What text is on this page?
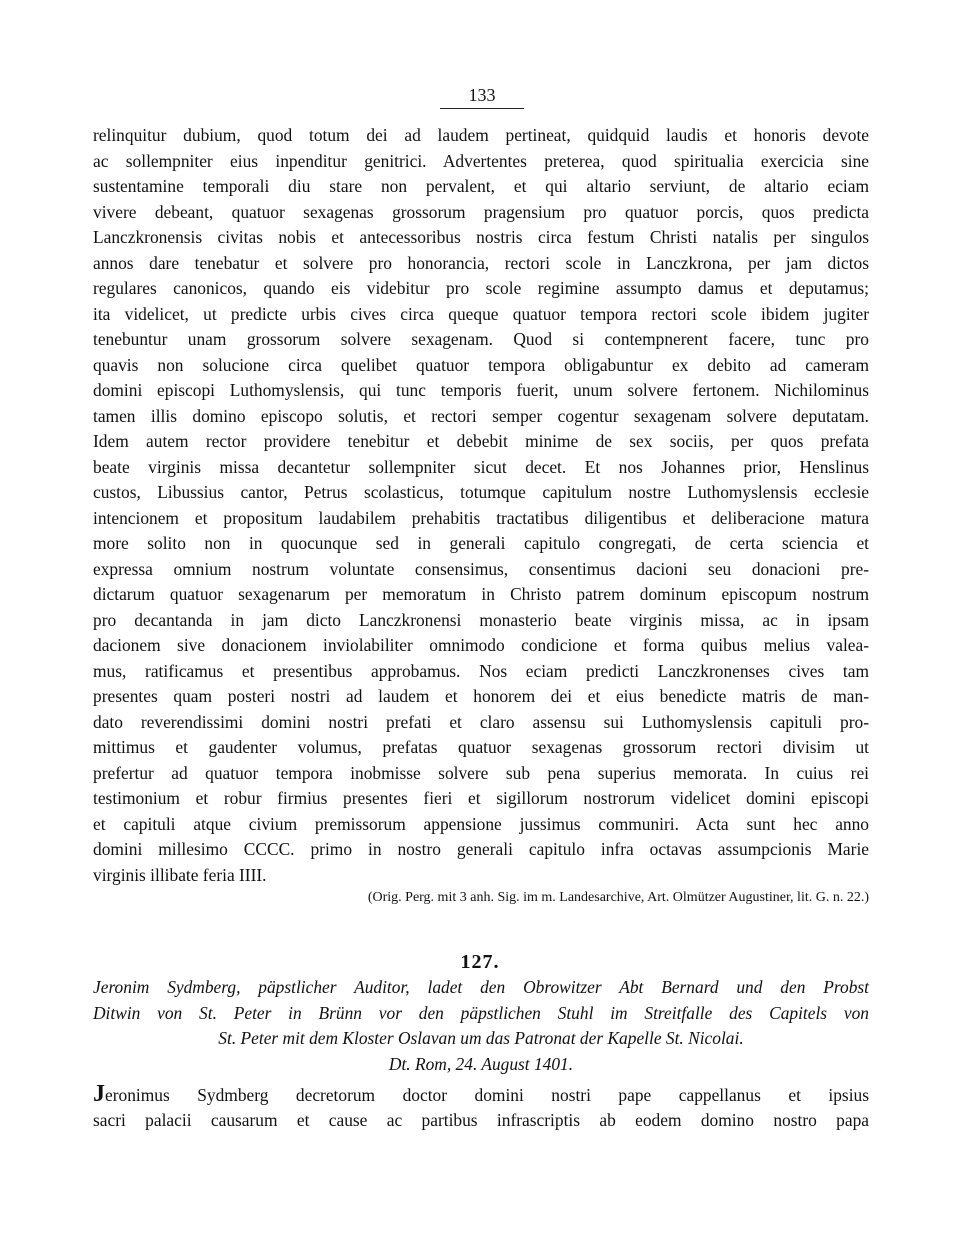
133
relinquitur dubium, quod totum dei ad laudem pertineat, quidquid laudis et honoris devote
ac sollempniter eius inpenditur genitrici. Advertentes preterea, quod spiritualia exercicia sine
sustentamine temporali diu stare non pervalent, et qui altario serviunt, de altario eciam
vivere debeant, quatuor sexagenas grossorum pragensium pro quatuor porcis, quos predicta
Lanczkronensis civitas nobis et antecessoribus nostris circa festum Christi natalis per singulos
annos dare tenebatur et solvere pro honorancia, rectori scole in Lanczkrona, per jam dictos
regulares canonicos, quando eis videbitur pro scole regimine assumpto damus et deputamus;
ita videlicet, ut predicte urbis cives circa queque quatuor tempora rectori scole ibidem jugiter
tenebuntur unam grossorum solvere sexagenam. Quod si contempnerent facere, tunc pro
quavis non solucione circa quelibet quatuor tempora obligabuntur ex debito ad cameram
domini episcopi Luthomyslensis, qui tunc temporis fuerit, unum solvere fertonem. Nichilominus
tamen illis domino episcopo solutis, et rectori semper cogentur sexagenam solvere deputatam.
Idem autem rector providere tenebitur et debebit minime de sex sociis, per quos prefata
beate virginis missa decantetur sollempniter sicut decet. Et nos Johannes prior, Henslinus
custos, Libussius cantor, Petrus scolasticus, totumque capitulum nostre Luthomyslensis ecclesie
intencionem et propositum laudabilem prehabitis tractatibus diligentibus et deliberacione matura
more solito non in quocunque sed in generali capitulo congregati, de certa sciencia et
expressa omnium nostrum voluntate consensimus, consentimus dacioni seu donacioni pre-
dictarum quatuor sexagenarum per memoratum in Christo patrem dominum episcopum nostrum
pro decantanda in jam dicto Lanczkronensi monasterio beate virginis missa, ac in ipsam
dacionem sive donacionem inviolabiliter omnimodo condicione et forma quibus melius valea-
mus, ratificamus et presentibus approbamus. Nos eciam predicti Lanczkronenses cives tam
presentes quam posteri nostri ad laudem et honorem dei et eius benedicte matris de man-
dato reverendissimi domini nostri prefati et claro assensu sui Luthomyslensis capituli pro-
mittimus et gaudenter volumus, prefatas quatuor sexagenas grossorum rectori divisim ut
prefertur ad quatuor tempora inobmisse solvere sub pena superius memorata. In cuius rei
testimonium et robur firmius presentes fieri et sigillorum nostrorum videlicet domini episcopi
et capituli atque civium premissorum appensione jussimus communiri. Acta sunt hec anno
domini millesimo CCCC. primo in nostro generali capitulo infra octavas assumpcionis Marie
virginis illibate feria IIII.
(Orig. Perg. mit 3 anh. Sig. im m. Landesarchive, Art. Olmützer Augustiner, lit. G. n. 22.)
127.
Jeronim Sydmberg, päpstlicher Auditor, ladet den Obrowitzer Abt Bernard und den Probst
Ditwin von St. Peter in Brünn vor den päpstlichen Stuhl im Streitfalle des Capitels von
St. Peter mit dem Kloster Oslavan um das Patronat der Kapelle St. Nicolai.
Dt. Rom, 24. August 1401.
Jeronimus Sydmberg decretorum doctor domini nostri pape cappellanus et ipsius
sacri palacii causarum et cause ac partibus infrascriptis ab eodem domino nostro papa
